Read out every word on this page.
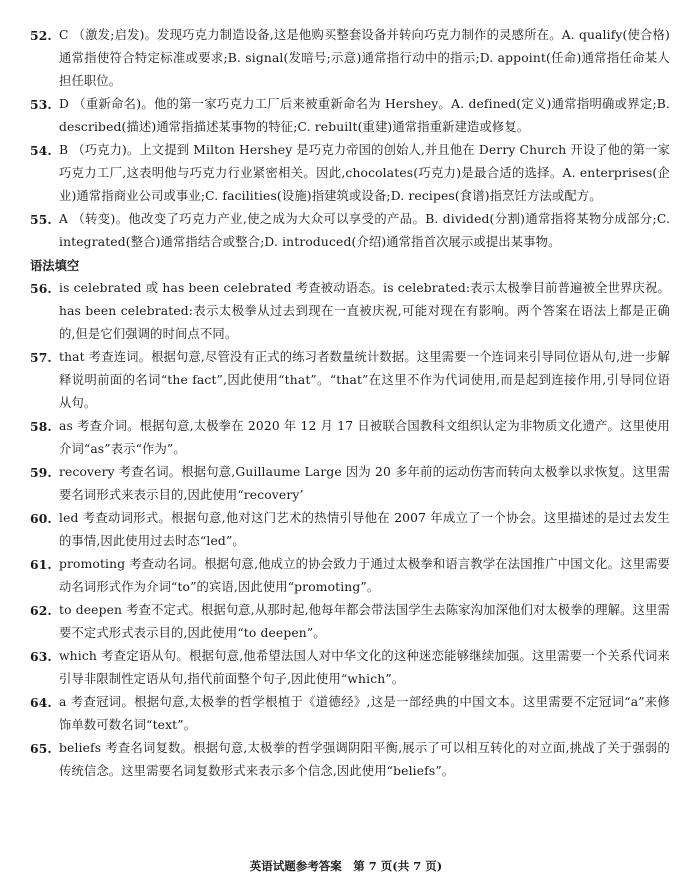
52. C （激发;启发)。发现巧克力制造设备,这是他购买整套设备并转向巧克力制作的灵感所在。A. qualify(使合格)通常指使符合特定标准或要求;B. signal(发暗号;示意)通常指行动中的指示;D. appoint(任命)通常指任命某人担任职位。
53. D （重新命名)。他的第一家巧克力工厂后来被重新命名为 Hershey。A. defined(定义)通常指明确或界定;B. described(描述)通常指描述某事物的特征;C. rebuilt(重建)通常指重新建造或修复。
54. B （巧克力)。上文提到 Milton Hershey 是巧克力帝国的创始人,并且他在 Derry Church 开设了他的第一家巧克力工厂,这表明他与巧克力行业紧密相关。因此,chocolates(巧克力)是最合适的选择。A. enterprises(企业)通常指商业公司或事业;C. facilities(设施)指建筑或设备;D. recipes(食谱)指烹饪方法或配方。
55. A （转变)。他改变了巧克力产业,使之成为大众可以享受的产品。B. divided(分割)通常指将某物分成部分;C. integrated(整合)通常指结合或整合;D. introduced(介绍)通常指首次展示或提出某事物。
语法填空
56. is celebrated 或 has been celebrated 考查被动语态。is celebrated:表示太极拳目前普遍被全世界庆祝。has been celebrated:表示太极拳从过去到现在一直被庆祝,可能对现在有影响。两个答案在语法上都是正确的,但是它们强调的时间点不同。
57. that 考查连词。根据句意,尽管没有正式的练习者数量统计数据。这里需要一个连词来引导同位语从句,进一步解释说明前面的名词“the fact”,因此使用“that”。“that”在这里不作为代词使用,而是起到连接作用,引导同位语从句。
58. as 考查介词。根据句意,太极拳在 2020 年 12 月 17 日被联合国教科文组织认定为非物质文化遗产。这里使用介词“as”表示“作为”。
59. recovery 考查名词。根据句意,Guillaume Large 因为 20 多年前的运动伤害而转向太极拳以求恢复。这里需要名词形式来表示目的,因此使用“recovery’
60. led 考查动词形式。根据句意,他对这门艺术的热情引导他在 2007 年成立了一个协会。这里描述的是过去发生的事情,因此使用过去时态“led”。
61. promoting 考查动名词。根据句意,他成立的协会致力于通过太极拳和语言教学在法国推广中国文化。这里需要动名词形式作为介词“to”的宾语,因此使用“promoting”。
62. to deepen 考查不定式。根据句意,从那时起,他每年都会带法国学生去陈家沟加深他们对太极拳的理解。这里需要不定式形式表示目的,因此使用“to deepen”。
63. which 考查定语从句。根据句意,他希望法国人对中华文化的这种迷恋能够继续加强。这里需要一个关系代词来引导非限制性定语从句,指代前面整个句子,因此使用“which”。
64. a 考查冠词。根据句意,太极拳的哲学根植于《道德经》,这是一部经典的中国文本。这里需要不定冠词“a”来修饰单数可数名词“text”。
65. beliefs 考查名词复数。根据句意,太极拳的哲学强调阴阳平衡,展示了可以相互转化的对立面,挑战了关于强弱的传统信念。这里需要名词复数形式来表示多个信念,因此使用“beliefs”。
英语试题参考答案　第 7 页(共 7 页)
